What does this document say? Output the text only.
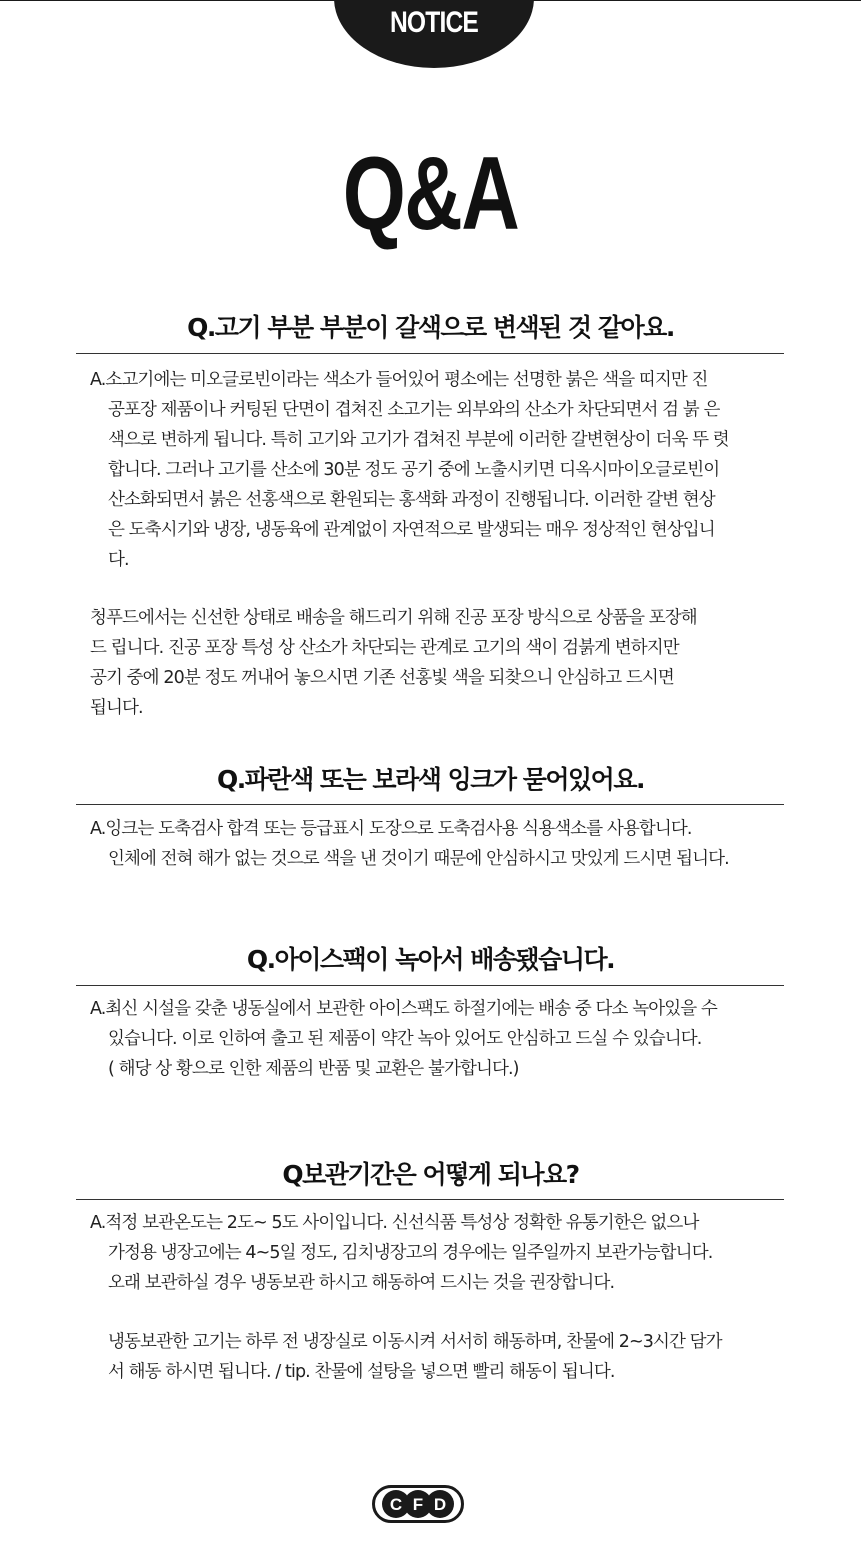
NOTICE
Q&A
Q.고기 부분 부분이 갈색으로 변색된 것 같아요.
A.소고기에는 미오글로빈이라는 색소가 들어있어 평소에는 선명한 붉은 색을 띠지만 진
공포장 제품이나 커팅된 단면이 겹쳐진 소고기는 외부와의 산소가 차단되면서 검 붉 은
색으로 변하게 됩니다. 특히 고기와 고기가 겹쳐진 부분에 이러한 갈변현상이 더욱 뚜 렷
합니다. 그러나 고기를 산소에 30분 정도 공기 중에 노출시키면 디옥시마이오글로빈이
산소화되면서 붉은 선홍색으로 환원되는 홍색화 과정이 진행됩니다. 이러한 갈변 현상
은 도축시기와 냉장, 냉동육에 관계없이 자연적으로 발생되는 매우 정상적인 현상입니
다.
청푸드에서는 신선한 상태로 배송을 해드리기 위해 진공 포장 방식으로 상품을 포장해
드 립니다. 진공 포장 특성 상 산소가 차단되는 관계로 고기의 색이 검붉게 변하지만
공기 중에 20분 정도 꺼내어 놓으시면 기존 선홍빛 색을 되찾으니 안심하고 드시면
됩니다.
Q.파란색 또는 보라색 잉크가 묻어있어요.
A.잉크는 도축검사 합격 또는 등급표시 도장으로 도축검사용 식용색소를 사용합니다.
인체에 전혀 해가 없는 것으로 색을 낸 것이기 때문에 안심하시고 맛있게 드시면 됩니다.
Q.아이스팩이 녹아서 배송됐습니다.
A.최신 시설을 갖춘 냉동실에서 보관한 아이스팩도 하절기에는 배송 중 다소 녹아있을 수
있습니다. 이로 인하여 출고 된 제품이 약간 녹아 있어도 안심하고 드실 수 있습니다.
( 해당 상 황으로 인한 제품의 반품 및 교환은 불가합니다.)
Q보관기간은 어떻게 되나요?
A.적정 보관온도는 2도~ 5도 사이입니다. 신선식품 특성상 정확한 유통기한은 없으나
가정용 냉장고에는 4~5일 정도, 김치냉장고의 경우에는 일주일까지 보관가능합니다.
오래 보관하실 경우 냉동보관 하시고 해동하여 드시는 것을 권장합니다.
냉동보관한 고기는 하루 전 냉장실로 이동시켜 서서히 해동하며, 찬물에 2~3시간 담가
서 해동 하시면 됩니다. / tip. 찬물에 설탕을 넣으면 빨리 해동이 됩니다.
C F D
